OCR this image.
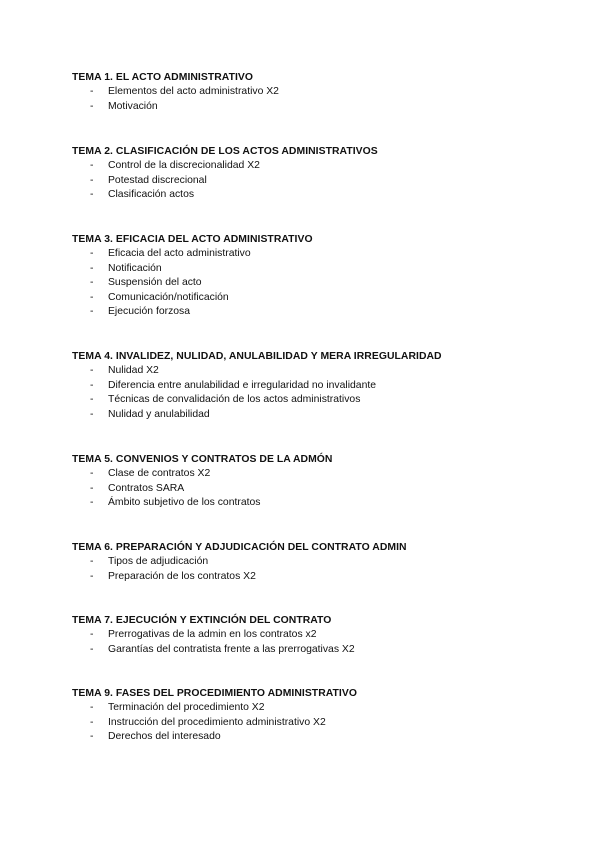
TEMA 1. EL ACTO ADMINISTRATIVO
- Elementos del acto administrativo X2
- Motivación
TEMA 2. CLASIFICACIÓN DE LOS ACTOS ADMINISTRATIVOS
- Control de la discrecionalidad X2
- Potestad discrecional
- Clasificación actos
TEMA 3. EFICACIA DEL ACTO ADMINISTRATIVO
- Eficacia del acto administrativo
- Notificación
- Suspensión del acto
- Comunicación/notificación
- Ejecución forzosa
TEMA 4. INVALIDEZ, NULIDAD, ANULABILIDAD Y MERA IRREGULARIDAD
- Nulidad X2
- Diferencia entre anulabilidad e irregularidad no invalidante
- Técnicas de convalidación de los actos administrativos
- Nulidad y anulabilidad
TEMA 5. CONVENIOS Y CONTRATOS DE LA ADMÓN
- Clase de contratos X2
- Contratos SARA
- Ámbito subjetivo de los contratos
TEMA 6. PREPARACIÓN Y ADJUDICACIÓN DEL CONTRATO ADMIN
- Tipos de adjudicación
- Preparación de los contratos X2
TEMA 7. EJECUCIÓN Y EXTINCIÓN DEL CONTRATO
- Prerrogativas de la admin en los contratos x2
- Garantías del contratista frente a las prerrogativas X2
TEMA 9. FASES DEL PROCEDIMIENTO ADMINISTRATIVO
- Terminación del procedimiento X2
- Instrucción del procedimiento administrativo X2
- Derechos del interesado
